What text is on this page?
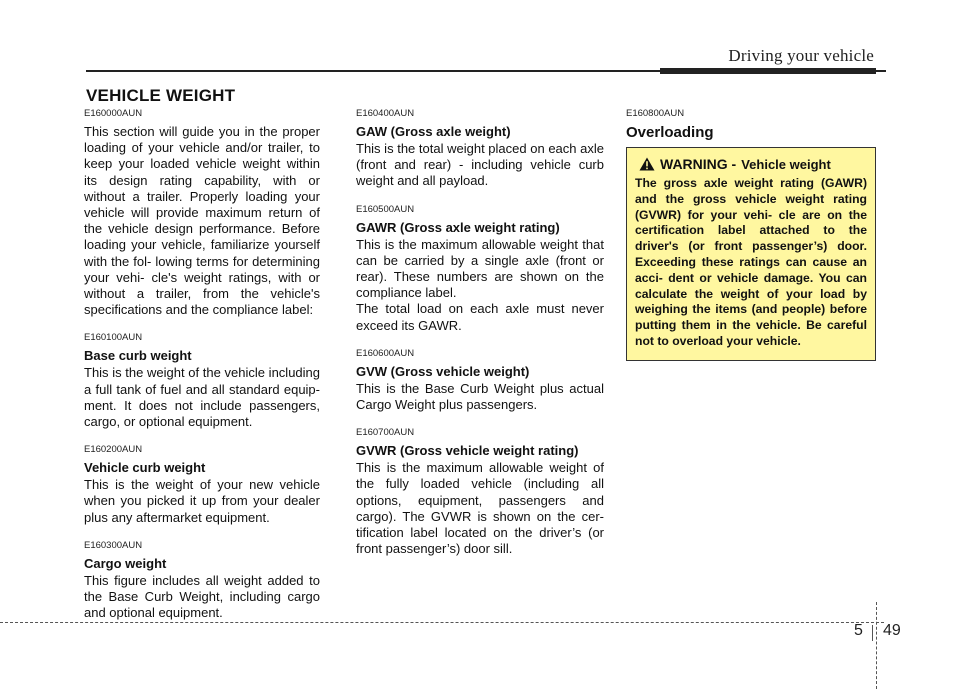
Driving your vehicle
VEHICLE WEIGHT

E160000AUN

This section will guide you in the proper loading of your vehicle and/or trailer, to keep your loaded vehicle weight within its design rating capability, with or without a trailer. Properly loading your vehicle will provide maximum return of the vehicle design performance. Before loading your vehicle, familiarize yourself with the fol- lowing terms for determining your vehi- cle's weight ratings, with or without a trailer, from the vehicle's specifications and the compliance label:

E160100AUN

Base curb weight

This is the weight of the vehicle including a full tank of fuel and all standard equip- ment. It does not include passengers, cargo, or optional equipment.

E160200AUN

Vehicle curb weight

This is the weight of your new vehicle when you picked it up from your dealer plus any aftermarket equipment.

E160300AUN

Cargo weight

This figure includes all weight added to the Base Curb Weight, including cargo and optional equipment.

E160400AUN

GAW (Gross axle weight)

This is the total weight placed on each axle (front and rear) - including vehicle curb weight and all payload.

E160500AUN

GAWR (Gross axle weight rating)

This is the maximum allowable weight that can be carried by a single axle (front or rear). These numbers are shown on the compliance label.
The total load on each axle must never exceed its GAWR.

E160600AUN

GVW (Gross vehicle weight)

This is the Base Curb Weight plus actual Cargo Weight plus passengers.

E160700AUN

GVWR (Gross vehicle weight rating)

This is the maximum allowable weight of the fully loaded vehicle (including all options, equipment, passengers and cargo). The GVWR is shown on the cer- tification label located on the driver’s (or front passenger’s) door sill.

E160800AUN

Overloading

WARNING - Vehicle weight

The gross axle weight rating (GAWR) and the gross vehicle weight rating (GVWR) for your vehi- cle are on the certification label attached to the driver's (or front passenger’s) door. Exceeding these ratings can cause an acci- dent or vehicle damage. You can calculate the weight of your load by weighing the items (and people) before putting them in the vehicle. Be careful not to overload your vehicle.

5 49
